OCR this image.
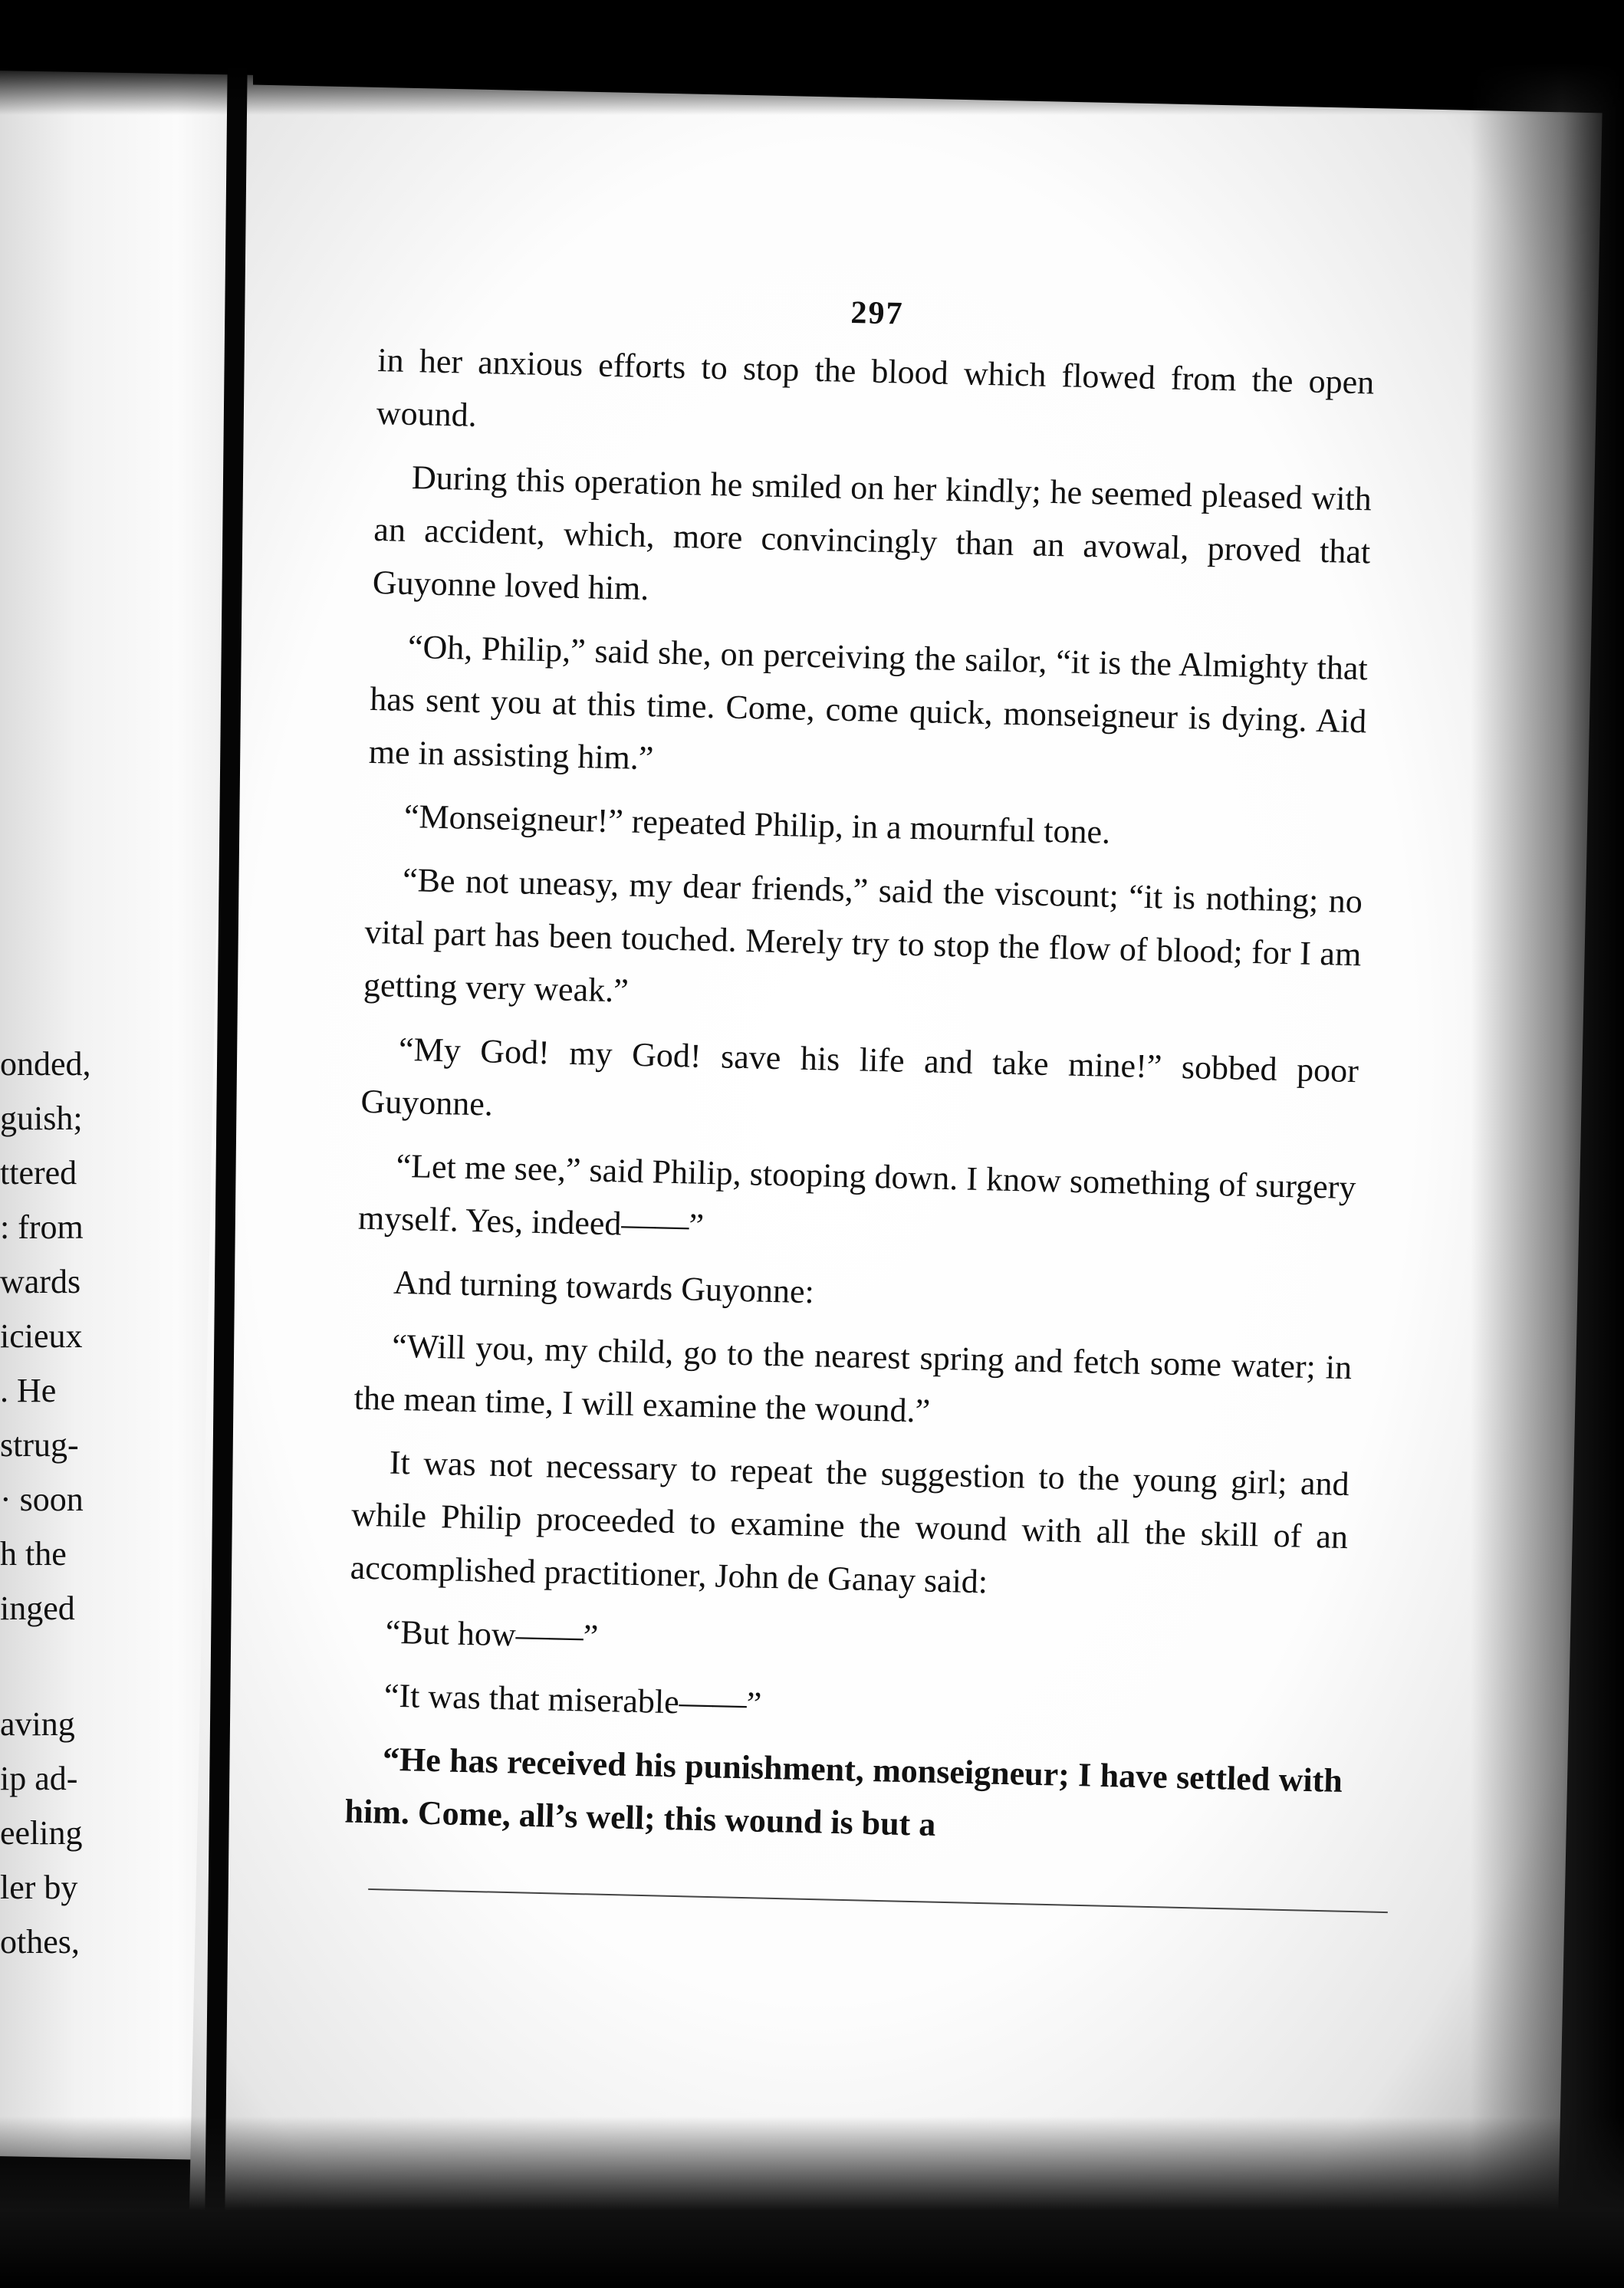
onded,
guish;
ttered
: from
wards
icieux
. He
strug-
· soon
h the
inged
aving
ip ad-
eeling
ler by
othes,
297

in her anxious efforts to stop the blood which flowed from the open wound.

During this operation he smiled on her kindly; he seemed pleased with an accident, which, more convincingly than an avowal, proved that Guyonne loved him.

“Oh, Philip,” said she, on perceiving the sailor, “it is the Almighty that has sent you at this time. Come, come quick, monseigneur is dying. Aid me in assisting him.”

“Monseigneur!” repeated Philip, in a mournful tone.

“Be not uneasy, my dear friends,” said the viscount; “it is nothing; no vital part has been touched. Merely try to stop the flow of blood; for I am getting very weak.”

“My God! my God! save his life and take mine!” sobbed poor Guyonne.

“Let me see,” said Philip, stooping down. I know something of surgery myself. Yes, indeed——”

And turning towards Guyonne:

“Will you, my child, go to the nearest spring and fetch some water; in the mean time, I will examine the wound.”

It was not necessary to repeat the suggestion to the young girl; and while Philip proceeded to examine the wound with all the skill of an accomplished practitioner, John de Ganay said:

“But how——”

“It was that miserable——”

“He has received his punishment, monseigneur; I have settled with him. Come, all’s well; this wound is but a
